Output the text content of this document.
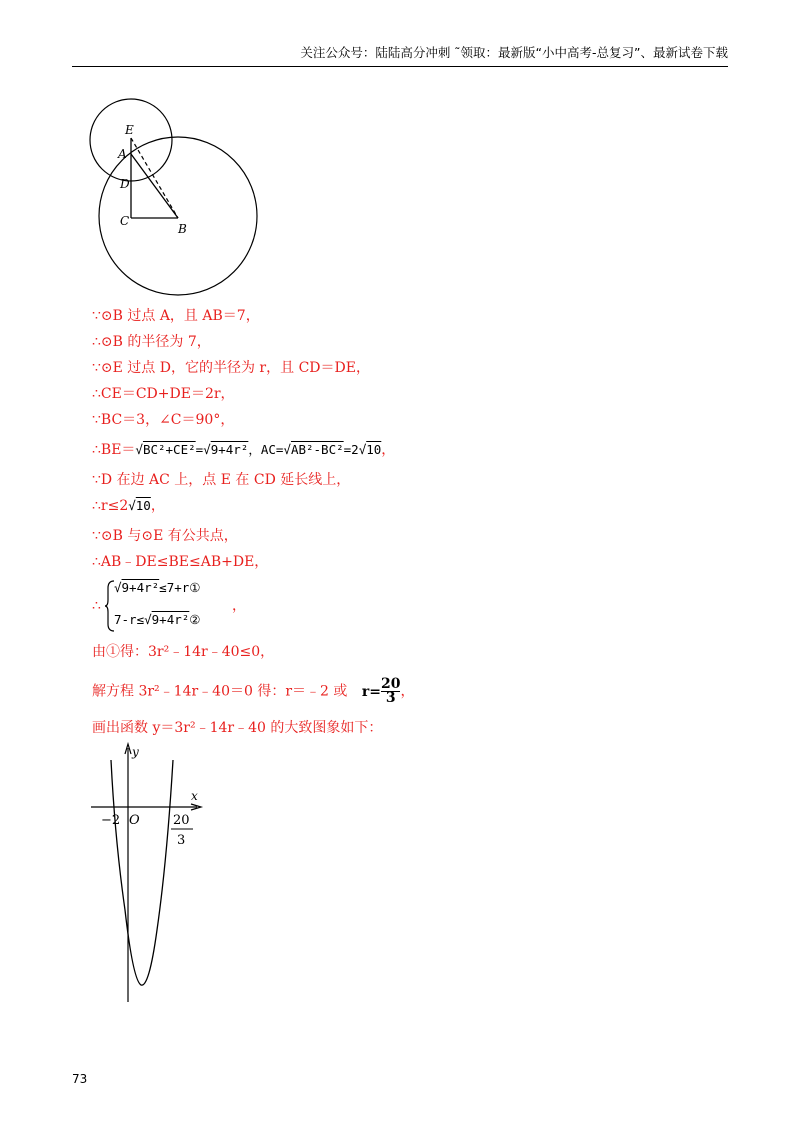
关注公众号：陆陆高分冲刺 ˜领取：最新版“小中高考-总复习”、最新试卷下载
E
A
D
C
B
∵⊙B 过点 A，且 AB＝7，
∴⊙B 的半径为 7，
∵⊙E 过点 D，它的半径为 r，且 CD＝DE，
∴CE＝CD+DE＝2r，
∵BC＝3，∠C＝90°，
∴BE＝√BC²+CE²=√9+4r²，AC=√AB²-BC²=2√10，
∵D 在边 AC 上，点 E 在 CD 延长线上，
∴r≤2√10，
∵⊙B 与⊙E 有公共点，
∴AB﹣DE≤BE≤AB+DE，
∴
√9+4r²≤7+r①
7-r≤√9+4r²②
，
由①得：3r²﹣14r﹣40≤0，
解方程 3r²﹣14r﹣40＝0 得：r＝﹣2 或 $r= \frac{20}{3}$ ，
画出函数 y＝3r²﹣14r﹣40 的大致图象如下：
y
x
O
−2	20
3
73
